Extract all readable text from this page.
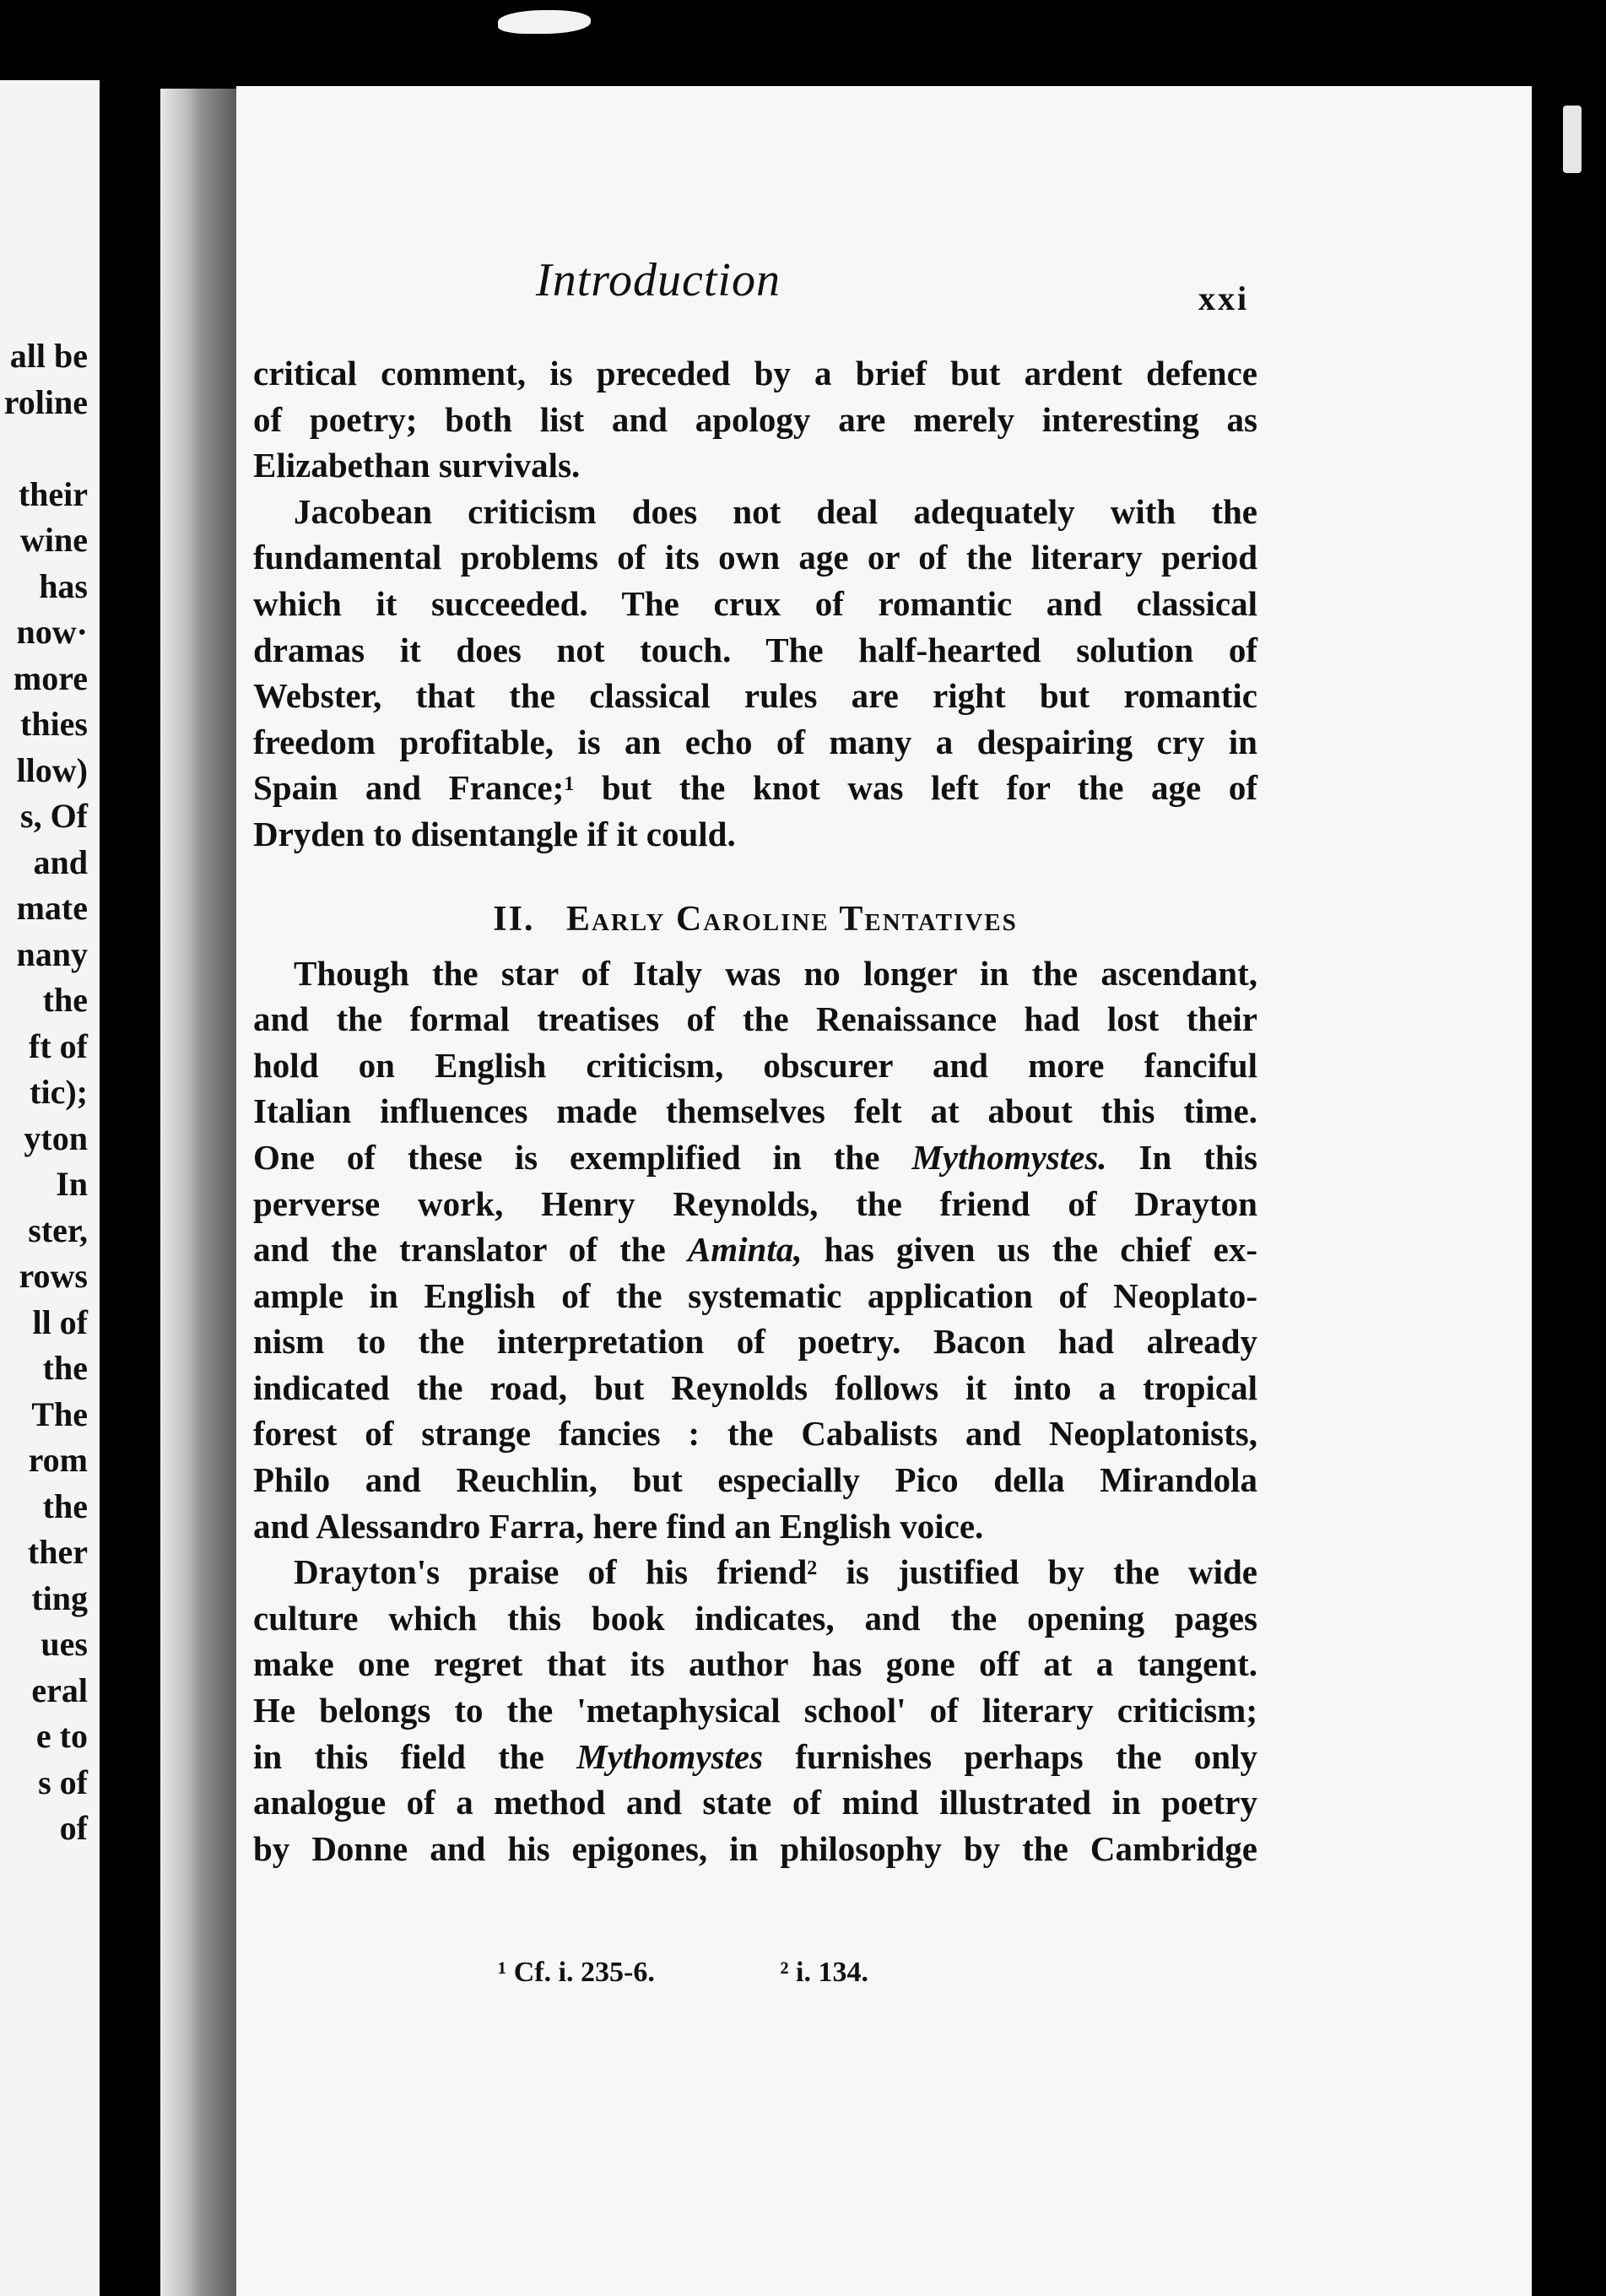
all be
roline

their
wine
has
now·
more
thies
llow)
s, Of
and
mate
nany
the
ft of
tic);
yton
In
ster,
rows
ll of
the
The
rom
the
ther
ting
ues
eral
e to
s of
of
Introduction	xxi
critical comment, is preceded by a brief but ardent defence
of poetry; both list and apology are merely interesting as
Elizabethan survivals.
Jacobean criticism does not deal adequately with the
fundamental problems of its own age or of the literary period
which it succeeded. The crux of romantic and classical
dramas it does not touch. The half-hearted solution of
Webster, that the classical rules are right but romantic
freedom profitable, is an echo of many a despairing cry in
Spain and France;$^1$ but the knot was left for the age of
Dryden to disentangle if it could.
II. Early Caroline Tentatives
Though the star of Italy was no longer in the ascendant,
and the formal treatises of the Renaissance had lost their
hold on English criticism, obscurer and more fanciful
Italian influences made themselves felt at about this time.
One of these is exemplified in the Mythomystes. In this
perverse work, Henry Reynolds, the friend of Drayton
and the translator of the Aminta, has given us the chief ex-
ample in English of the systematic application of Neoplato-
nism to the interpretation of poetry. Bacon had already
indicated the road, but Reynolds follows it into a tropical
forest of strange fancies : the Cabalists and Neoplatonists,
Philo and Reuchlin, but especially Pico della Mirandola
and Alessandro Farra, here find an English voice.
Drayton's praise of his friend$^2$ is justified by the wide
culture which this book indicates, and the opening pages
make one regret that its author has gone off at a tangent.
He belongs to the 'metaphysical school' of literary criticism;
in this field the Mythomystes furnishes perhaps the only
analogue of a method and state of mind illustrated in poetry
by Donne and his epigones, in philosophy by the Cambridge
¹ Cf. i. 235-6.	² i. 134.
